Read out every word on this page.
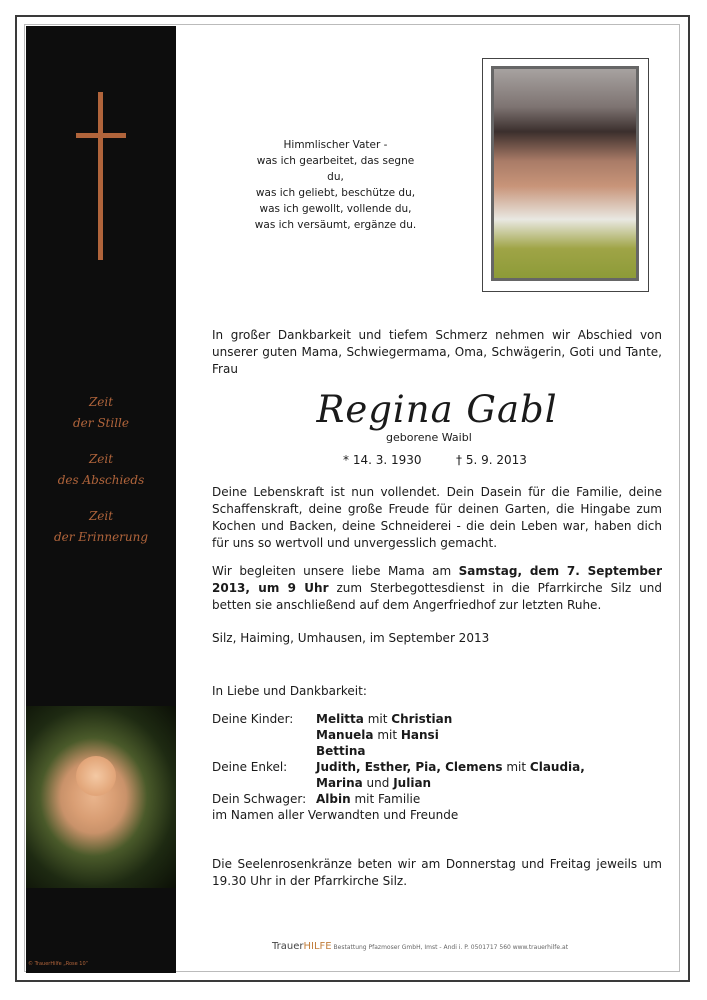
Zeit
der Stille
Zeit
des Abschieds
Zeit
der Erinnerung
© TrauerHilfe „Rose 10“
Himmlischer Vater -
was ich gearbeitet, das segne du,
was ich geliebt, beschütze du,
was ich gewollt, vollende du,
was ich versäumt, ergänze du.
In großer Dankbarkeit und tiefem Schmerz nehmen wir Abschied von unserer guten Mama, Schwiegermama, Oma, Schwägerin, Goti und Tante, Frau
Regina Gabl
geborene Waibl
* 14. 3. 1930	† 5. 9. 2013
Deine Lebenskraft ist nun vollendet. Dein Dasein für die Familie, deine Schaffenskraft, deine große Freude für deinen Garten, die Hingabe zum Kochen und Backen, deine Schneiderei - die dein Leben war, haben dich für uns so wertvoll und unvergesslich gemacht.
Wir begleiten unsere liebe Mama am Samstag, dem 7. September 2013, um 9 Uhr zum Sterbegottesdienst in die Pfarrkirche Silz und betten sie anschließend auf dem Angerfriedhof zur letzten Ruhe.
Silz, Haiming, Umhausen, im September 2013
In Liebe und Dankbarkeit:
Deine Kinder: Melitta mit Christian
Manuela mit Hansi
Bettina
Deine Enkel: Judith, Esther, Pia, Clemens mit Claudia,
Marina und Julian
Dein Schwager: Albin mit Familie
im Namen aller Verwandten und Freunde
Die Seelenrosenkränze beten wir am Donnerstag und Freitag jeweils um 19.30 Uhr in der Pfarrkirche Silz.
TrauerHILFE Bestattung Pfazmoser GmbH, Imst - Andi i. P. 0501717 560 www.trauerhilfe.at
